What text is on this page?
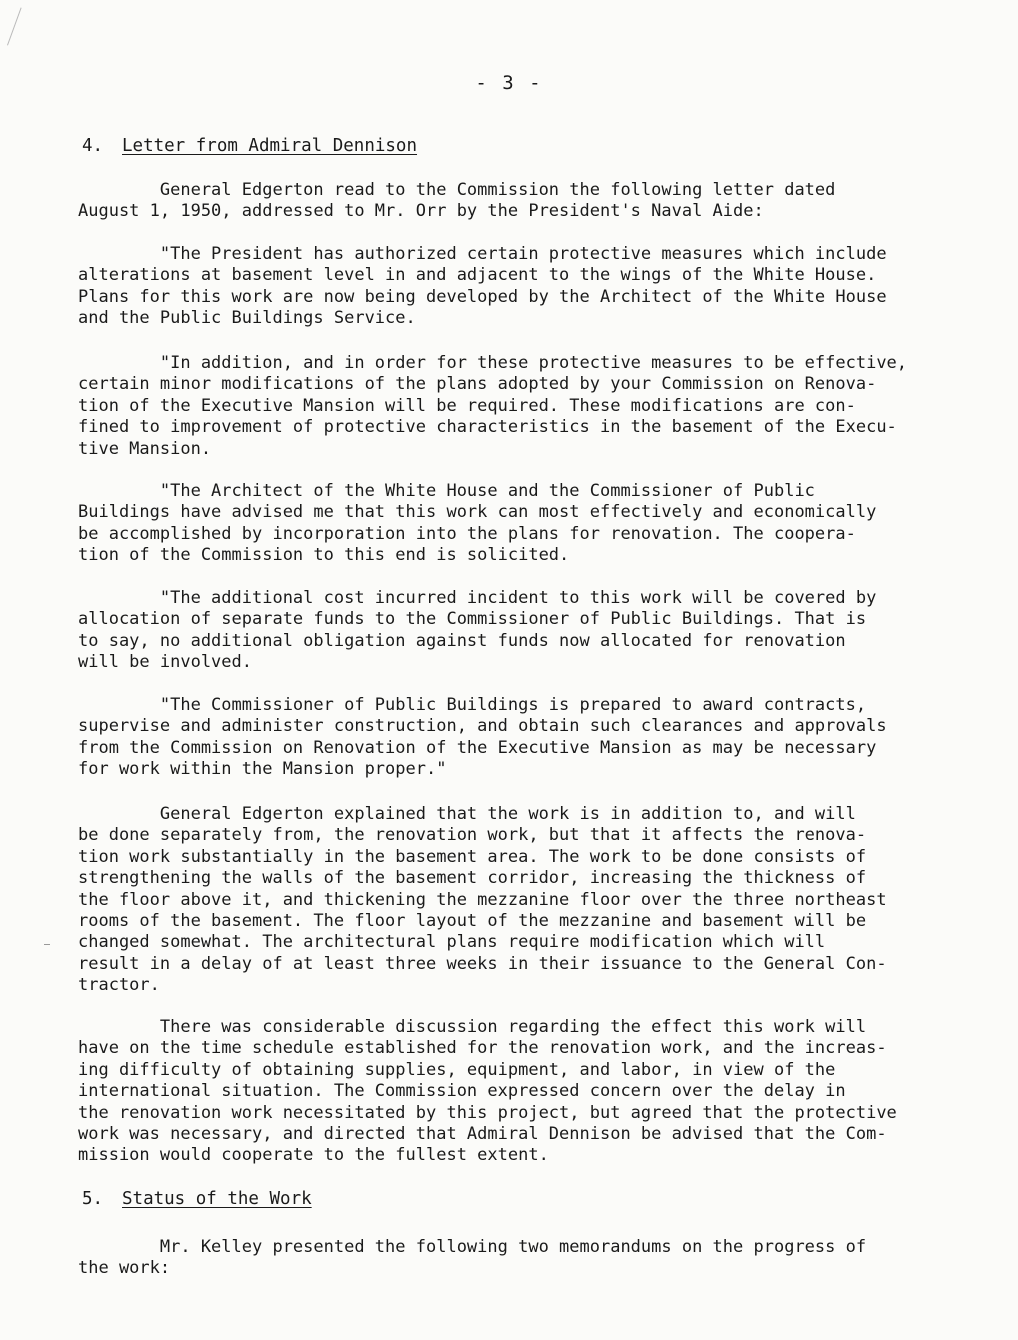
- 3 -
4. Letter from Admiral Dennison
General Edgerton read to the Commission the following letter dated
August 1, 1950, addressed to Mr. Orr by the President's Naval Aide:
"The President has authorized certain protective measures which include
alterations at basement level in and adjacent to the wings of the White House.
Plans for this work are now being developed by the Architect of the White House
and the Public Buildings Service.
"In addition, and in order for these protective measures to be effective,
certain minor modifications of the plans adopted by your Commission on Renova-
tion of the Executive Mansion will be required. These modifications are con-
fined to improvement of protective characteristics in the basement of the Execu-
tive Mansion.
"The Architect of the White House and the Commissioner of Public
Buildings have advised me that this work can most effectively and economically
be accomplished by incorporation into the plans for renovation. The coopera-
tion of the Commission to this end is solicited.
"The additional cost incurred incident to this work will be covered by
allocation of separate funds to the Commissioner of Public Buildings. That is
to say, no additional obligation against funds now allocated for renovation
will be involved.
"The Commissioner of Public Buildings is prepared to award contracts,
supervise and administer construction, and obtain such clearances and approvals
from the Commission on Renovation of the Executive Mansion as may be necessary
for work within the Mansion proper."
General Edgerton explained that the work is in addition to, and will
be done separately from, the renovation work, but that it affects the renova-
tion work substantially in the basement area. The work to be done consists of
strengthening the walls of the basement corridor, increasing the thickness of
the floor above it, and thickening the mezzanine floor over the three northeast
rooms of the basement. The floor layout of the mezzanine and basement will be
changed somewhat. The architectural plans require modification which will
result in a delay of at least three weeks in their issuance to the General Con-
tractor.
There was considerable discussion regarding the effect this work will
have on the time schedule established for the renovation work, and the increas-
ing difficulty of obtaining supplies, equipment, and labor, in view of the
international situation. The Commission expressed concern over the delay in
the renovation work necessitated by this project, but agreed that the protective
work was necessary, and directed that Admiral Dennison be advised that the Com-
mission would cooperate to the fullest extent.
5. Status of the Work
Mr. Kelley presented the following two memorandums on the progress of
the work:
